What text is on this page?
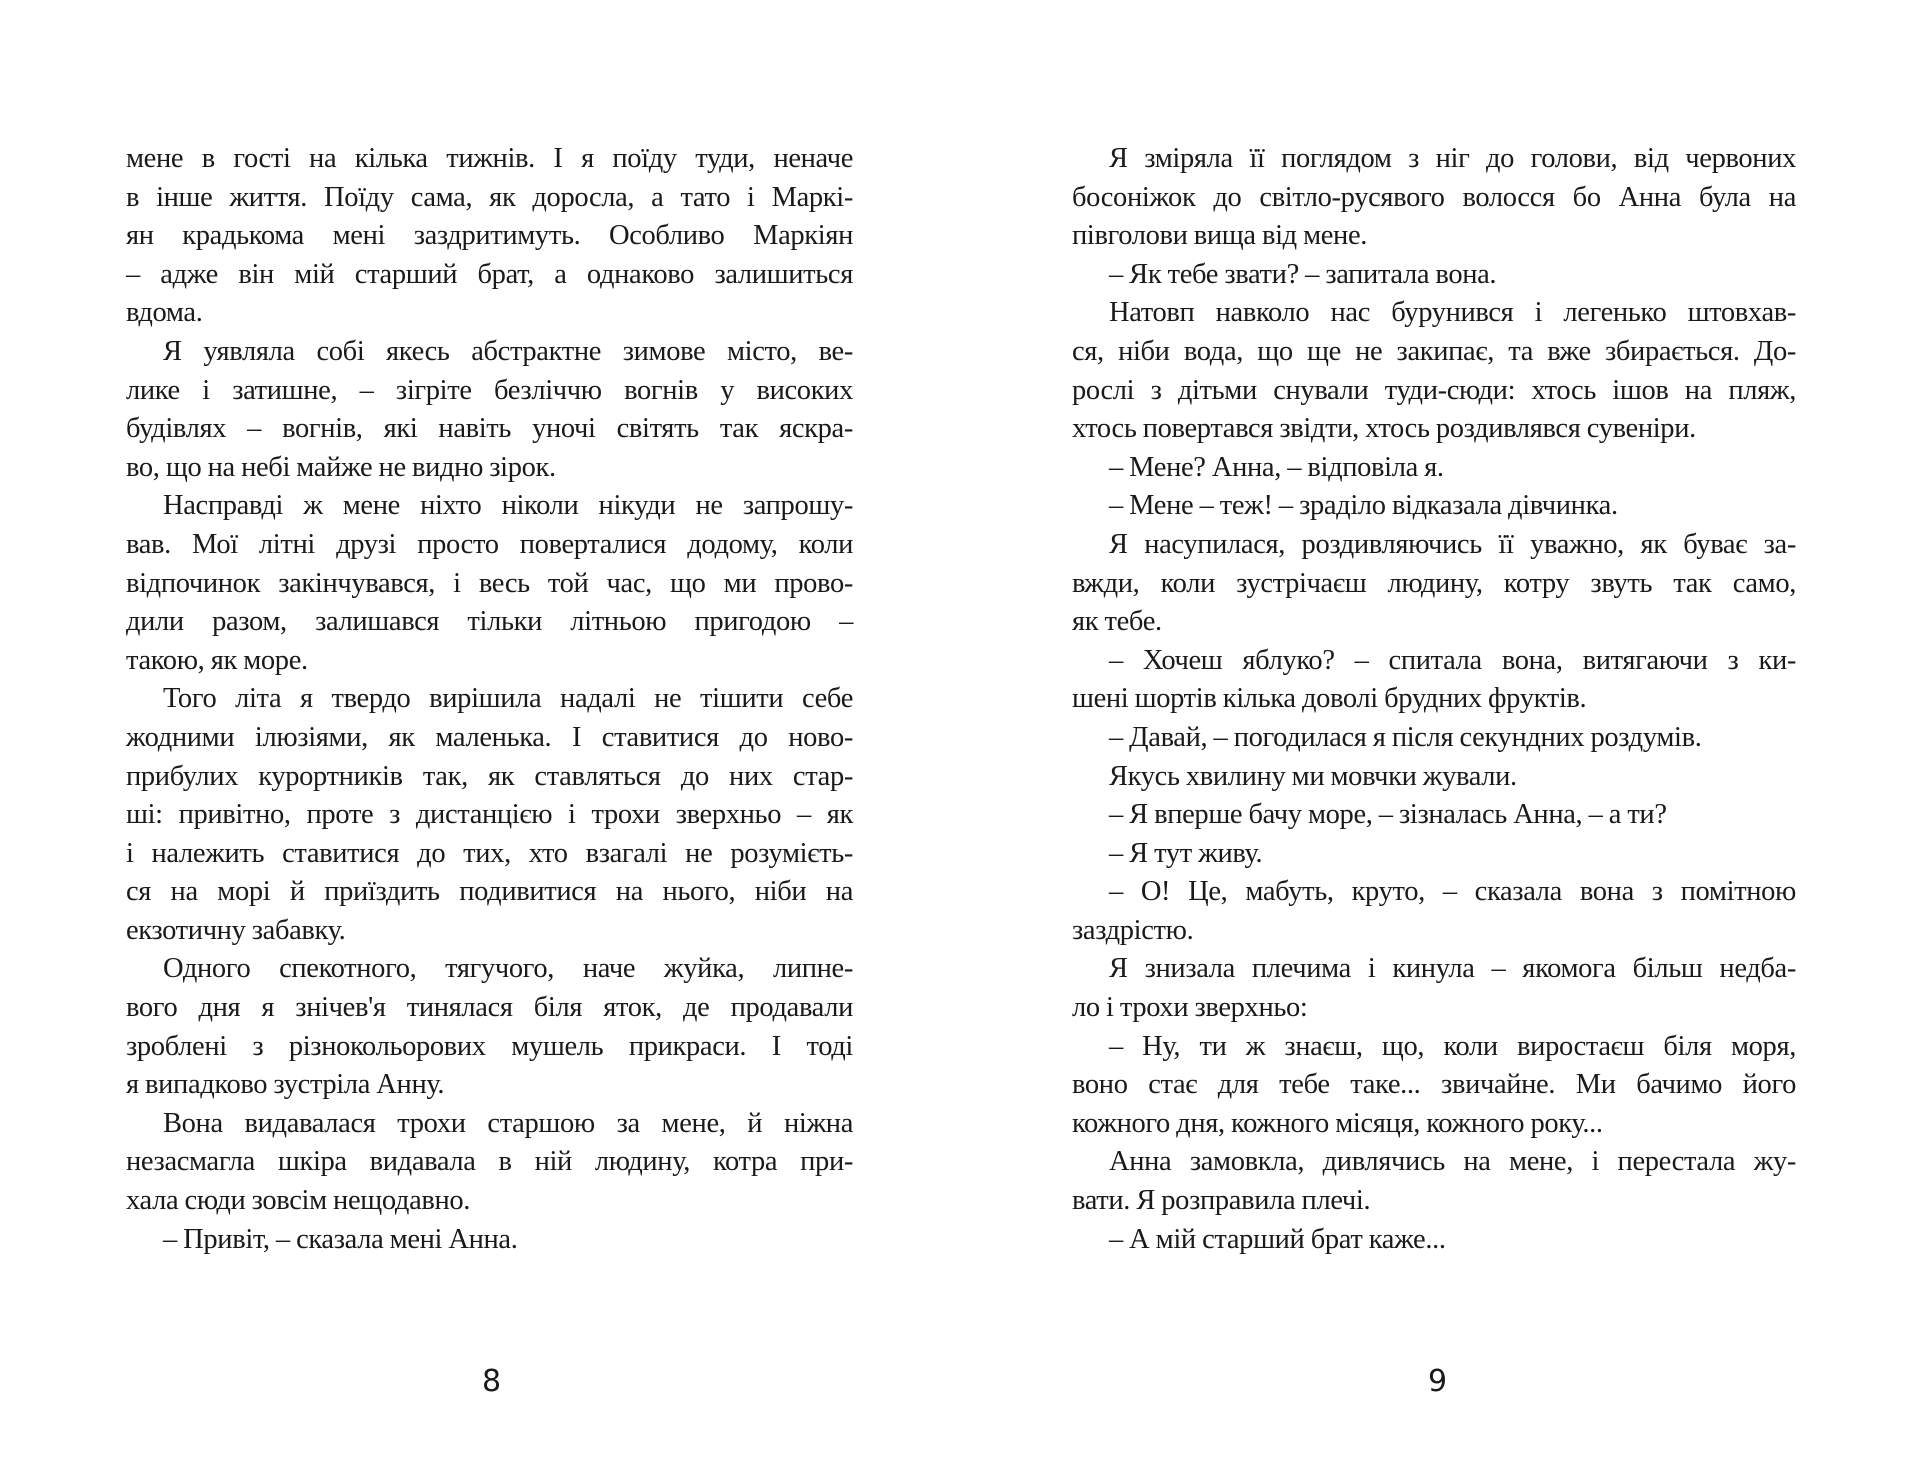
мене в гості на кілька тижнів. І я поїду туди, неначе
в інше життя. Поїду сама, як доросла, а тато і Маркі-
ян крадькома мені заздритимуть. Особливо Маркіян
– адже він мій старший брат, а однаково залишиться
вдома.
Я уявляла собі якесь абстрактне зимове місто, ве-
лике і затишне, – зігріте безліччю вогнів у високих
будівлях – вогнів, які навіть уночі світять так яскра-
во, що на небі майже не видно зірок.
Насправді ж мене ніхто ніколи нікуди не запрошу-
вав. Мої літні друзі просто поверталися додому, коли
відпочинок закінчувався, і весь той час, що ми прово-
дили разом, залишався тільки літньою пригодою –
такою, як море.
Того літа я твердо вирішила надалі не тішити себе
жодними ілюзіями, як маленька. І ставитися до ново-
прибулих курортників так, як ставляться до них стар-
ші: привітно, проте з дистанцією і трохи зверхньо – як
і належить ставитися до тих, хто взагалі не розумієть-
ся на морі й приїздить подивитися на нього, ніби на
екзотичну забавку.
Одного спекотного, тягучого, наче жуйка, липне-
вого дня я знічев'я тинялася біля яток, де продавали
зроблені з різнокольорових мушель прикраси. І тоді
я випадково зустріла Анну.
Вона видавалася трохи старшою за мене, й ніжна
незасмагла шкіра видавала в ній людину, котра при-
хала сюди зовсім нещодавно.
– Привіт, – сказала мені Анна.
8
Я зміряла її поглядом з ніг до голови, від червоних
босоніжок до світло-русявого волосся бо Анна була на
півголови вища від мене.
– Як тебе звати? – запитала вона.
Натовп навколо нас бурунився і легенько штовхав-
ся, ніби вода, що ще не закипає, та вже збирається. До-
рослі з дітьми снували туди-сюди: хтось ішов на пляж,
хтось повертався звідти, хтось роздивлявся сувеніри.
– Мене? Анна, – відповіла я.
– Мене – теж! – зраділо відказала дівчинка.
Я насупилася, роздивляючись її уважно, як буває за-
вжди, коли зустрічаєш людину, котру звуть так само,
як тебе.
– Хочеш яблуко? – спитала вона, витягаючи з ки-
шені шортів кілька доволі брудних фруктів.
– Давай, – погодилася я після секундних роздумів.
Якусь хвилину ми мовчки жували.
– Я вперше бачу море, – зізналась Анна, – а ти?
– Я тут живу.
– О! Це, мабуть, круто, – сказала вона з помітною
заздрістю.
Я знизала плечима і кинула – якомога більш недба-
ло і трохи зверхньо:
– Ну, ти ж знаєш, що, коли виростаєш біля моря,
воно стає для тебе таке... звичайне. Ми бачимо його
кожного дня, кожного місяця, кожного року...
Анна замовкла, дивлячись на мене, і перестала жу-
вати. Я розправила плечі.
– А мій старший брат каже...
9
